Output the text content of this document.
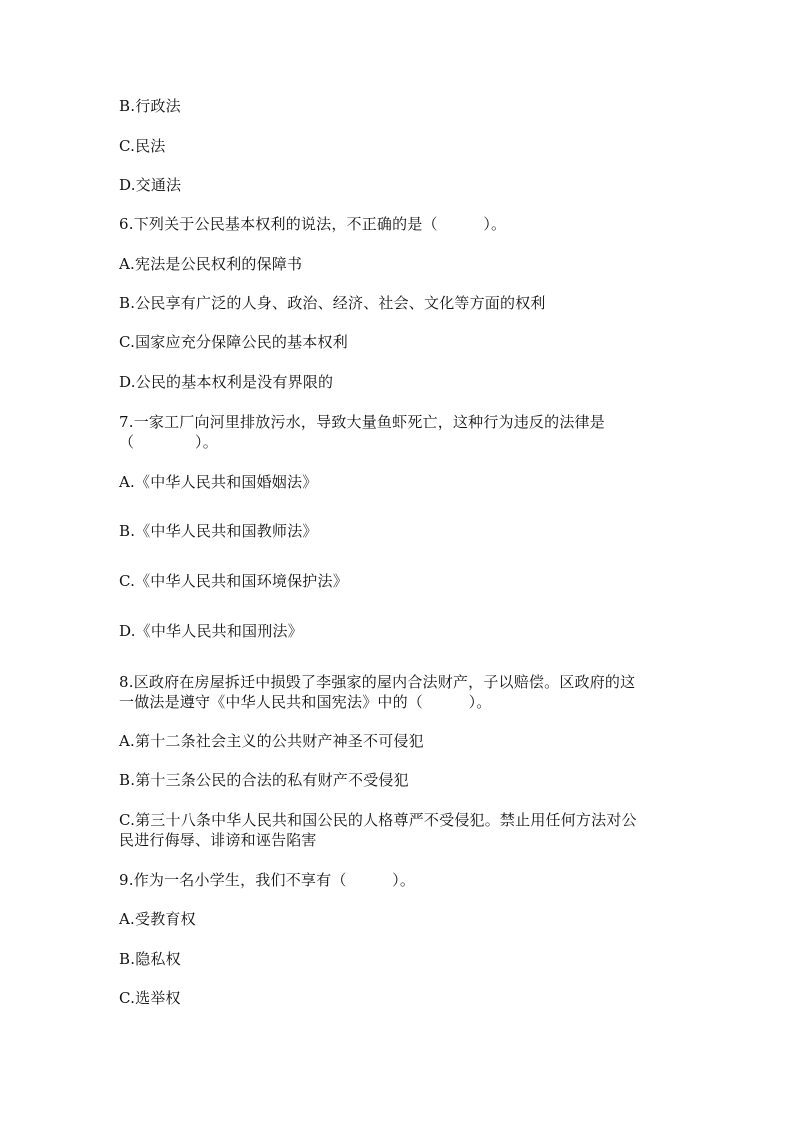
B.行政法
C.民法
D.交通法
6.下列关于公民基本权利的说法，不正确的是（　　　）。
A.宪法是公民权利的保障书
B.公民享有广泛的人身、政治、经济、社会、文化等方面的权利
C.国家应充分保障公民的基本权利
D.公民的基本权利是没有界限的
7.一家工厂向河里排放污水，导致大量鱼虾死亡，这种行为违反的法律是
（　　　　）。
A.《中华人民共和国婚姻法》
B.《中华人民共和国教师法》
C.《中华人民共和国环境保护法》
D.《中华人民共和国刑法》
8.区政府在房屋拆迁中损毁了李强家的屋内合法财产，子以赔偿。区政府的这
一做法是遵守《中华人民共和国宪法》中的（　　　）。
A.第十二条社会主义的公共财产神圣不可侵犯
B.第十三条公民的合法的私有财产不受侵犯
C.第三十八条中华人民共和国公民的人格尊严不受侵犯。禁止用任何方法对公
民进行侮辱、诽谤和诬告陷害
9.作为一名小学生，我们不享有（　　　）。
A.受教育权
B.隐私权
C.选举权
